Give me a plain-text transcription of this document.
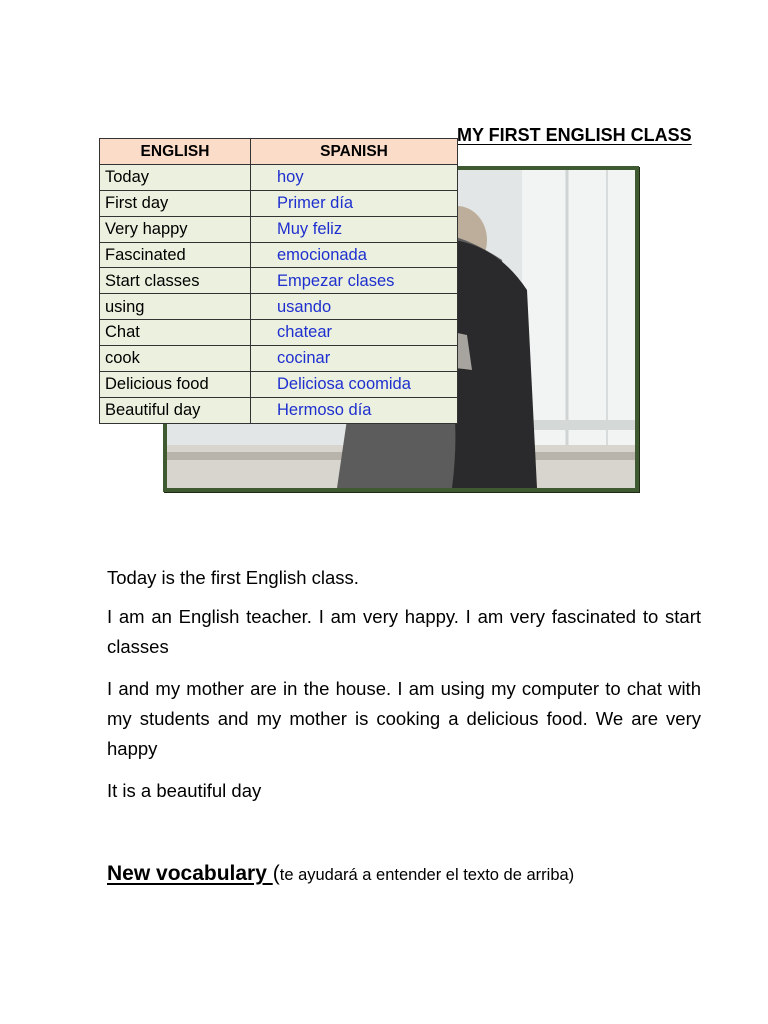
MY FIRST ENGLISH CLASS
ENGLISH	SPANISH
Today	hoy
First day	Primer día
Very happy	Muy feliz
Fascinated	emocionada
Start classes	Empezar clases
using	usando
Chat	chatear
cook	cocinar
Delicious food	Deliciosa coomida
Beautiful day	Hermoso día
Today is the first English class.
I am an English teacher. I am very happy. I am very fascinated to start classes
I and my mother are in the house. I am using my computer to chat with my students and my mother is cooking a delicious food. We are very happy
It is a beautiful day
New vocabulary (te ayudará a entender el texto de arriba)
